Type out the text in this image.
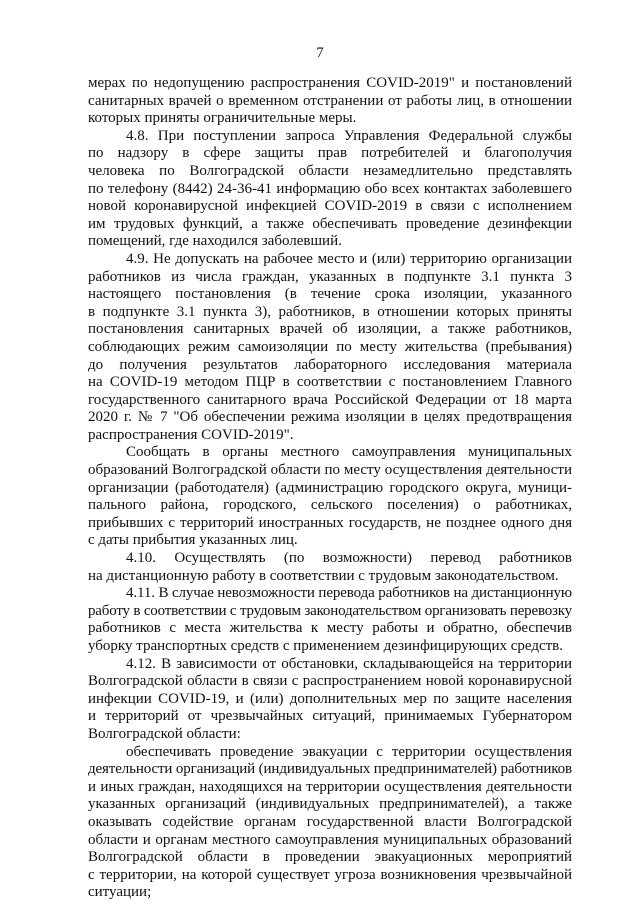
7
мерах по недопущению распространения COVID-2019" и постановлений
санитарных врачей о временном отстранении от работы лиц, в отношении
которых приняты ограничительные меры.
4.8. При поступлении запроса Управления Федеральной службы
по надзору в сфере защиты прав потребителей и благополучия
человека по Волгоградской области незамедлительно представлять
по телефону (8442) 24-36-41 информацию обо всех контактах заболевшего
новой коронавирусной инфекцией COVID-2019 в связи с исполнением
им трудовых функций, а также обеспечивать проведение дезинфекции
помещений, где находился заболевший.
4.9. Не допускать на рабочее место и (или) территорию организации
работников из числа граждан, указанных в подпункте 3.1 пункта 3
настоящего постановления (в течение срока изоляции, указанного
в подпункте 3.1 пункта 3), работников, в отношении которых приняты
постановления санитарных врачей об изоляции, а также работников,
соблюдающих режим самоизоляции по месту жительства (пребывания)
до получения результатов лабораторного исследования материала
на COVID-19 методом ПЦР в соответствии с постановлением Главного
государственного санитарного врача Российской Федерации от 18 марта
2020 г. № 7 "Об обеспечении режима изоляции в целях предотвращения
распространения COVID-2019".
Сообщать в органы местного самоуправления муниципальных
образований Волгоградской области по месту осуществления деятельности
организации (работодателя) (администрацию городского округа, муници-
пального района, городского, сельского поселения) о работниках,
прибывших с территорий иностранных государств, не позднее одного дня
с даты прибытия указанных лиц.
4.10. Осуществлять (по возможности) перевод работников
на дистанционную работу в соответствии с трудовым законодательством.
4.11. В случае невозможности перевода работников на дистанционную
работу в соответствии с трудовым законодательством организовать перевозку
работников с места жительства к месту работы и обратно, обеспечив
уборку транспортных средств с применением дезинфицирующих средств.
4.12. В зависимости от обстановки, складывающейся на территории
Волгоградской области в связи с распространением новой коронавирусной
инфекции COVID-19, и (или) дополнительных мер по защите населения
и территорий от чрезвычайных ситуаций, принимаемых Губернатором
Волгоградской области:
обеспечивать проведение эвакуации с территории осуществления
деятельности организаций (индивидуальных предпринимателей) работников
и иных граждан, находящихся на территории осуществления деятельности
указанных организаций (индивидуальных предпринимателей), а также
оказывать содействие органам государственной власти Волгоградской
области и органам местного самоуправления муниципальных образований
Волгоградской области в проведении эвакуационных мероприятий
с территории, на которой существует угроза возникновения чрезвычайной
ситуации;
